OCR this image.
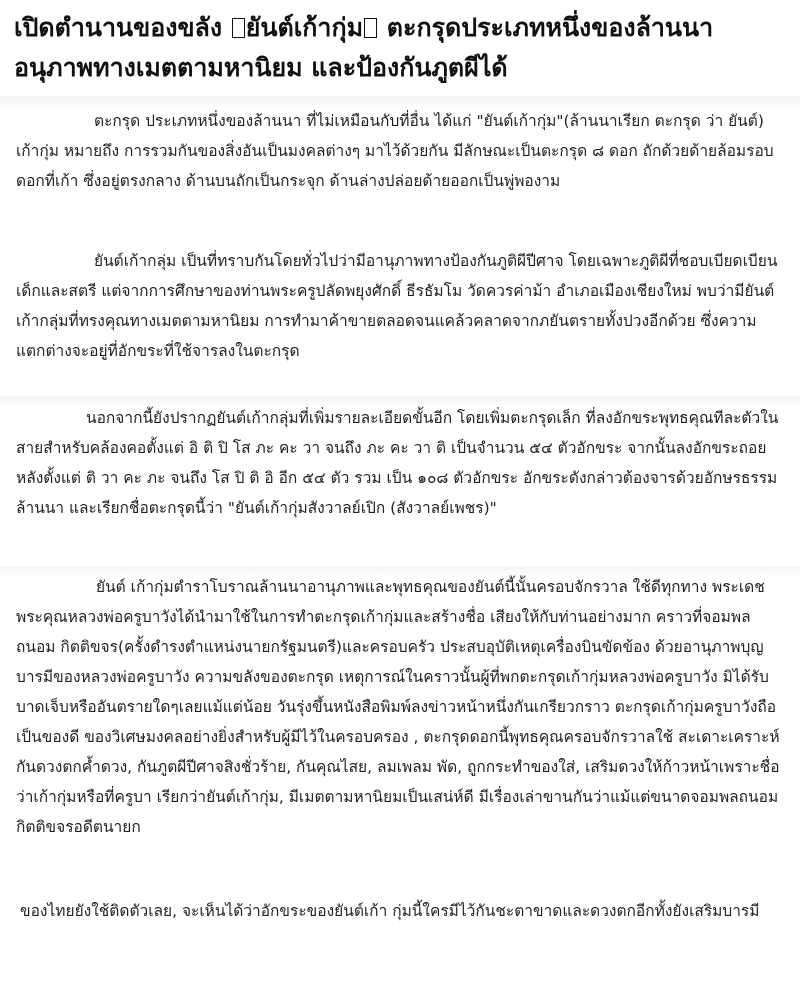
เปิดตำนานของขลัง ยันต์เก้ากุ่ม ตะกรุดประเภทหนึ่งของล้านนา อนุภาพทางเมตตามหานิยม และป้องกันภูตผีได้

ตะกรุด ประเภทหนึ่งของล้านนา ที่ไม่เหมือนกับที่อื่น ได้แก่ "ยันต์เก้ากุ่ม"(ล้านนาเรียก ตะกรุด ว่า ยันต์) เก้ากุ่ม หมายถึง การรวมกันของสิ่งอันเป็นมงคลต่างๆ มาไว้ด้วยกัน มีลักษณะเป็นตะกรุด ๘ ดอก ถักด้วยด้ายล้อมรอบดอกที่เก้า ซึ่งอยู่ตรงกลาง ด้านบนถักเป็นกระจุก ด้านล่างปล่อยด้ายออกเป็นพู่พองาม

ยันต์เก้ากลุ่ม เป็นที่ทราบกันโดยทั่วไปว่ามีอานุภาพทางป้องกันภูติผีปีศาจ โดยเฉพาะภูติผีที่ชอบเบียดเบียนเด็กและสตรี แต่จากการศึกษาของท่านพระครูปลัดพยุงศักดิ์ ธีรธัมโม วัดควรค่าม้า อำเภอเมืองเชียงใหม่ พบว่ามียันต์เก้ากลุ่มที่ทรงคุณทางเมตตามหานิยม การทำมาค้าขายตลอดจนแคล้วคลาดจากภยันตรายทั้งปวงอีกด้วย ซึ่งความแตกต่างจะอยู่ที่อักขระที่ใช้จารลงในตะกรุด

นอกจากนี้ยังปรากฏยันต์เก้ากลุ่มที่เพิ่มรายละเอียดขั้นอีก โดยเพิ่มตะกรุดเล็ก ที่ลงอักขระพุทธคุณทีละตัวในสายสำหรับคล้องคอตั้งแต่ อิ ติ ปิ โส ภะ คะ วา จนถึง ภะ คะ วา ติ เป็นจำนวน ๕๔ ตัวอักขระ จากนั้นลงอักขระถอยหลังตั้งแต่ ติ วา คะ ภะ จนถึง โส ปิ ติ อิ อีก ๕๔ ตัว รวม เป็น ๑๐๘ ตัวอักขระ อักขระดังกล่าวต้องจารด้วยอักษรธรรมล้านนา และเรียกชื่อตะกรุดนี้ว่า "ยันต์เก้ากุ่มสังวาลย์เปิก (สังวาลย์เพชร)"

ยันต์ เก้ากุ่มตำราโบราณล้านนาอานุภาพและพุทธคุณของยันต์นี้นั้นครอบจักรวาล ใช้ดีทุกทาง พระเดชพระคุณหลวงพ่อครูบาวังได้นำมาใช้ในการทำตะกรุดเก้ากุ่มและสร้างชื่อ เสียงให้กับท่านอย่างมาก คราวที่จอมพลถนอม กิตติขจร(ครั้งดำรงตำแหน่งนายกรัฐมนตรี)และครอบครัว ประสบอุบัติเหตุเครื่องบินขัดข้อง ด้วยอานุภาพบุญบารมีของหลวงพ่อครูบาวัง ความขลังของตะกรุด เหตุการณ์ในคราวนั้นผู้ที่พกตะกรุดเก้ากุ่มหลวงพ่อครูบาวัง มิได้รับบาดเจ็บหรืออันตรายใดๆเลยแม้แต่น้อย วันรุ่งขึ้นหนังสือพิมพ์ลงข่าวหน้าหนึ่งกันเกรียวกราว ตะกรุดเก้ากุ่มครูบาวังถือเป็นของดี ของวิเศษมงคลอย่างยิ่งสำหรับผู้มีไว้ในครอบครอง , ตะกรุดดอกนี้พุทธคุณครอบจักรวาลใช้ สะเดาะเคราะห์กันดวงตกค้ำดวง, กันภูตผีปีศาจสิงชั่วร้าย, กันคุณไสย, ลมเพลม พัด, ถูกกระทำของใส่, เสริมดวงให้ก้าวหน้าเพราะชื่อว่าเก้ากุ่มหรือที่ครูบา เรียกว่ายันต์เก้ากุ่ม, มีเมตตามหานิยมเป็นเสน่ห์ดี มีเรื่องเล่าขานกันว่าแม้แต่ขนาดจอมพลถนอม กิตติขจรอดีตนายก

ของไทยยังใช้ติดตัวเลย, จะเห็นได้ว่าอักขระของยันต์เก้า กุ่มนี้ใครมีไว้กันชะตาขาดและดวงตกอีกทั้งยังเสริมบารมี
